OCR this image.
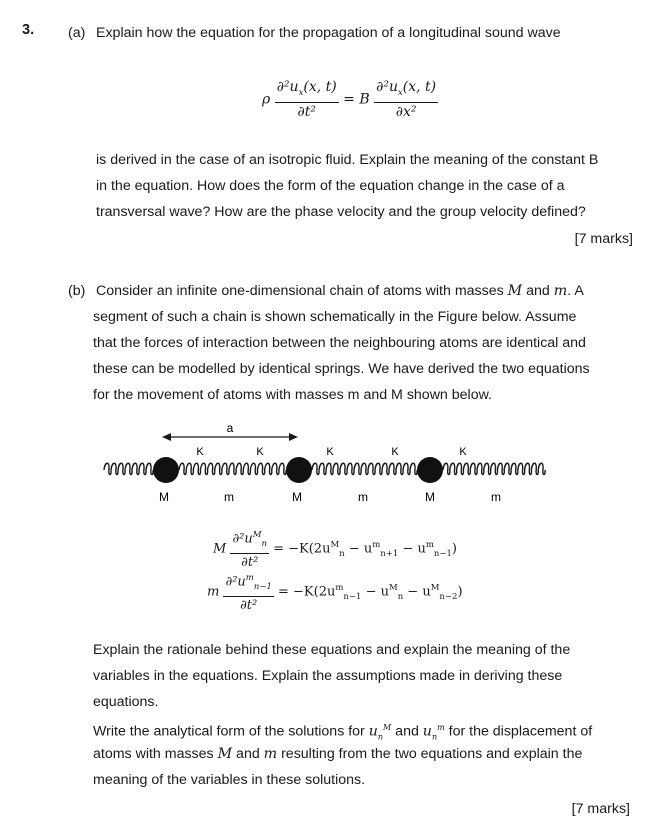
3. (a) Explain how the equation for the propagation of a longitudinal sound wave
ρ $\frac{\partial^2u_x(x, t)}{\text{∂t²}} = B \frac{\partial^2u_x(x, t)}{\text{∂x²}}$
is derived in the case of an isotropic fluid. Explain the meaning of the constant B
in the equation. How does the form of the equation change in the case of a
transversal wave? How are the phase velocity and the group velocity defined?
[7 marks]
(b) Consider an infinite one-dimensional chain of atoms with masses M and m. A
segment of such a chain is shown schematically in the Figure below. Assume
that the forces of interaction between the neighbouring atoms are identical and
these can be modelled by identical springs. We have derived the two equations
for the movement of atoms with masses m and M shown below.
a
K	K	K	K	K
M	m	M	m	M	m
M $\frac{\partial^2u^M_n}{\text{∂t²}} = -K(2u^M_n - u^m_{n+1} - u^m_{n-1})$
m $\frac{\partial^2u^m_{n-1}}{\text{∂t²}} = -K(2u^m_{n-1} - u^M_n - u^M_{n-2})$
Explain the rationale behind these equations and explain the meaning of the
variables in the equations. Explain the assumptions made in deriving these
equations.
Write the analytical form of the solutions for $u_n^M$ and $u_n^m$ for the displacement of
atoms with masses M and m resulting from the two equations and explain the
meaning of the variables in these solutions.
[7 marks]
